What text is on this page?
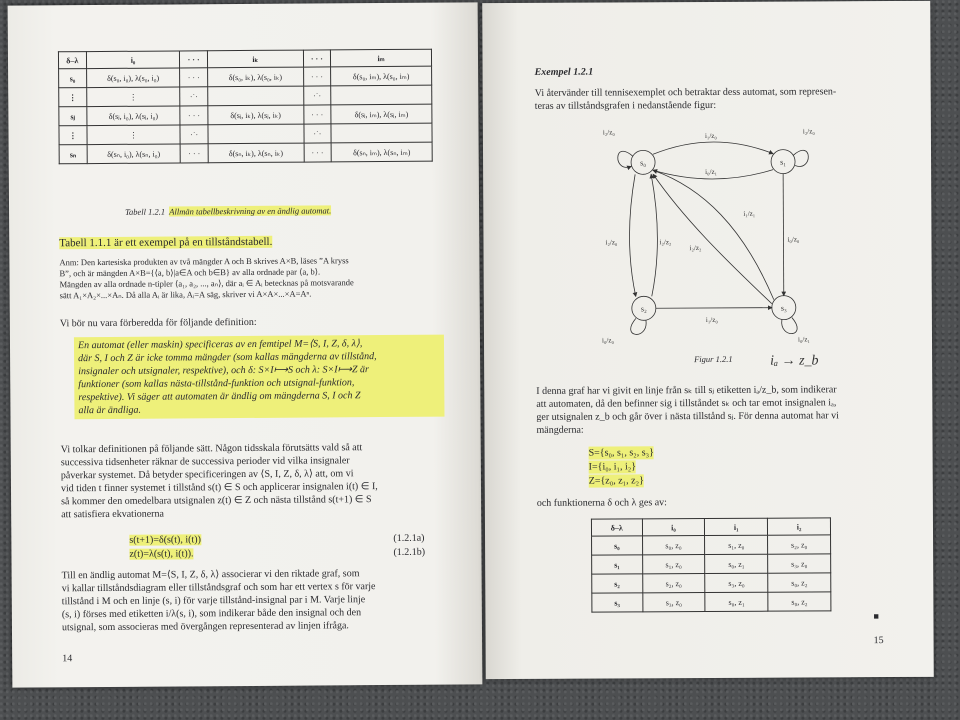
δ–λ	i₀	· · ·	iₖ	· · ·	iₘ
s₀	δ(s₀, i₀), λ(s₀, i₀)	· · ·	δ(s₀, iₖ), λ(s₀, iₖ)	· · ·	δ(s₀, iₘ), λ(s₀, iₘ)
⋮	⋮	·˙·		·˙·	
sⱼ	δ(sⱼ, i₀), λ(sⱼ, i₀)	· · ·	δ(sⱼ, iₖ), λ(sⱼ, iₖ)	· · ·	δ(sⱼ, iₘ), λ(sⱼ, iₘ)
⋮	⋮	·˙·		·˙·	
sₙ	δ(sₙ, i₀), λ(sₙ, i₀)	· · ·	δ(sₙ, iₖ), λ(sₙ, iₖ)	· · ·	δ(sₙ, iₘ), λ(sₙ, iₘ)
Tabell 1.2.1 Allmän tabellbeskrivning av en ändlig automat.
Tabell 1.1.1 är ett exempel på en tillståndstabell.
Anm: Den kartesiska produkten av två mängder A och B skrives A×B, läses ”A kryss
B”, och är mängden A×B={⟨a, b⟩|a∈A och b∈B} av alla ordnade par ⟨a, b⟩.
Mängden av alla ordnade n-tipler ⟨a₁, a₂, ..., aₙ⟩, där aᵢ ∈ Aᵢ betecknas på motsvarande
sätt A₁×A₂×...×Aₙ. Då alla Aᵢ är lika, Aᵢ=A säg, skriver vi A×A×...×A=Aⁿ.
Vi bör nu vara förberedda för följande definition:
En automat (eller maskin) specificeras av en femtipel M=⟨S, I, Z, δ, λ⟩,
där S, I och Z är icke tomma mängder (som kallas mängderna av tillstånd,
insignaler och utsignaler, respektive), och δ: S×I⟼S och λ: S×I⟼Z är
funktioner (som kallas nästa-tillstånd-funktion och utsignal-funktion,
respektive). Vi säger att automaten är ändlig om mängderna S, I och Z
alla är ändliga.
Vi tolkar definitionen på följande sätt. Någon tidsskala förutsätts vald så att
successiva tidsenheter räknar de successiva perioder vid vilka insignaler
påverkar systemet. Då betyder specificeringen av ⟨S, I, Z, δ, λ⟩ att, om vi
vid tiden t finner systemet i tillstånd s(t) ∈ S och applicerar insignalen i(t) ∈ I,
så kommer den omedelbara utsignalen z(t) ∈ Z och nästa tillstånd s(t+1) ∈ S
att satisfiera ekvationerna
s(t+1)=δ(s(t), i(t))	(1.2.1a)
z(t)=λ(s(t), i(t)).	(1.2.1b)
Till en ändlig automat M=⟨S, I, Z, δ, λ⟩ associerar vi den riktade graf, som
vi kallar tillståndsdiagram eller tillståndsgraf och som har ett vertex s för varje
tillstånd i M och en linje (s, i) för varje tillstånd-insignal par i M. Varje linje
(s, i) förses med etiketten i/λ(s, i), som indikerar både den insignal och den
utsignal, som associeras med övergången representerad av linjen ifråga.
14
Exempel 1.2.1
Vi återvänder till tennisexemplet och betraktar dess automat, som represen-
teras av tillståndsgrafen i nedanstående figur:
s₀	s₁
s₂	s₃
i₂/z₀	i₁/z₀
i₀/z₁
i₂/z₀
i₁/z₁
i₀/z₀
i₂/z₂
i₂/z₂
i₂/z₀
i₁/z₀
i₀/z₀	i₀/z₁
Figur 1.2.1	iₐ → z_b
I denna graf har vi givit en linje från sₖ till sⱼ etiketten iₐ/z_b, som indikerar
att automaten, då den befinner sig i tillståndet sₖ och tar emot insignalen iₐ,
ger utsignalen z_b och går över i nästa tillstånd sⱼ. För denna automat har vi
mängderna:
S={s₀, s₁, s₂, s₃}
I={i₀, i₁, i₂}
Z={z₀, z₁, z₂}
och funktionerna δ och λ ges av:
δ–λ	i₀	i₁	i₂
s₀	s₀, z₀	s₁, z₀	s₂, z₀
s₁	s₁, z₀	s₀, z₁	s₃, z₀
s₂	s₂, z₀	s₃, z₀	s₀, z₂
s₃	s₃, z₀	s₀, z₁	s₀, z₂
■
15
